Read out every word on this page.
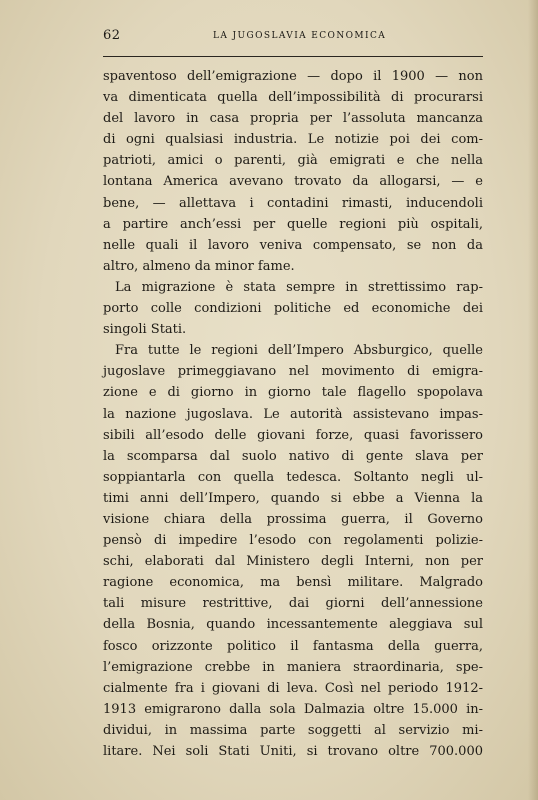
62	LA JUGOSLAVIA ECONOMICA
spaventoso dell’emigrazione — dopo il 1900 — non
va dimenticata quella dell’impossibilità di procurarsi
del lavoro in casa propria per l’assoluta mancanza
di ogni qualsiasi industria. Le notizie poi dei com-
patrioti, amici o parenti, già emigrati e che nella
lontana America avevano trovato da allogarsi, — e
bene, — allettava i contadini rimasti, inducendoli
a partire anch’essi per quelle regioni più ospitali,
nelle quali il lavoro veniva compensato, se non da
altro, almeno da minor fame.
La migrazione è stata sempre in strettissimo rap-
porto colle condizioni politiche ed economiche dei
singoli Stati.
Fra tutte le regioni dell’Impero Absburgico, quelle
jugoslave primeggiavano nel movimento di emigra-
zione e di giorno in giorno tale flagello spopolava
la nazione jugoslava. Le autorità assistevano impas-
sibili all’esodo delle giovani forze, quasi favorissero
la scomparsa dal suolo nativo di gente slava per
soppiantarla con quella tedesca. Soltanto negli ul-
timi anni dell’Impero, quando si ebbe a Vienna la
visione chiara della prossima guerra, il Governo
pensò di impedire l’esodo con regolamenti polizie-
schi, elaborati dal Ministero degli Interni, non per
ragione economica, ma bensì militare. Malgrado
tali misure restrittive, dai giorni dell’annessione
della Bosnia, quando incessantemente aleggiava sul
fosco orizzonte politico il fantasma della guerra,
l’emigrazione crebbe in maniera straordinaria, spe-
cialmente fra i giovani di leva. Così nel periodo 1912-
1913 emigrarono dalla sola Dalmazia oltre 15.000 in-
dividui, in massima parte soggetti al servizio mi-
litare. Nei soli Stati Uniti, si trovano oltre 700.000
